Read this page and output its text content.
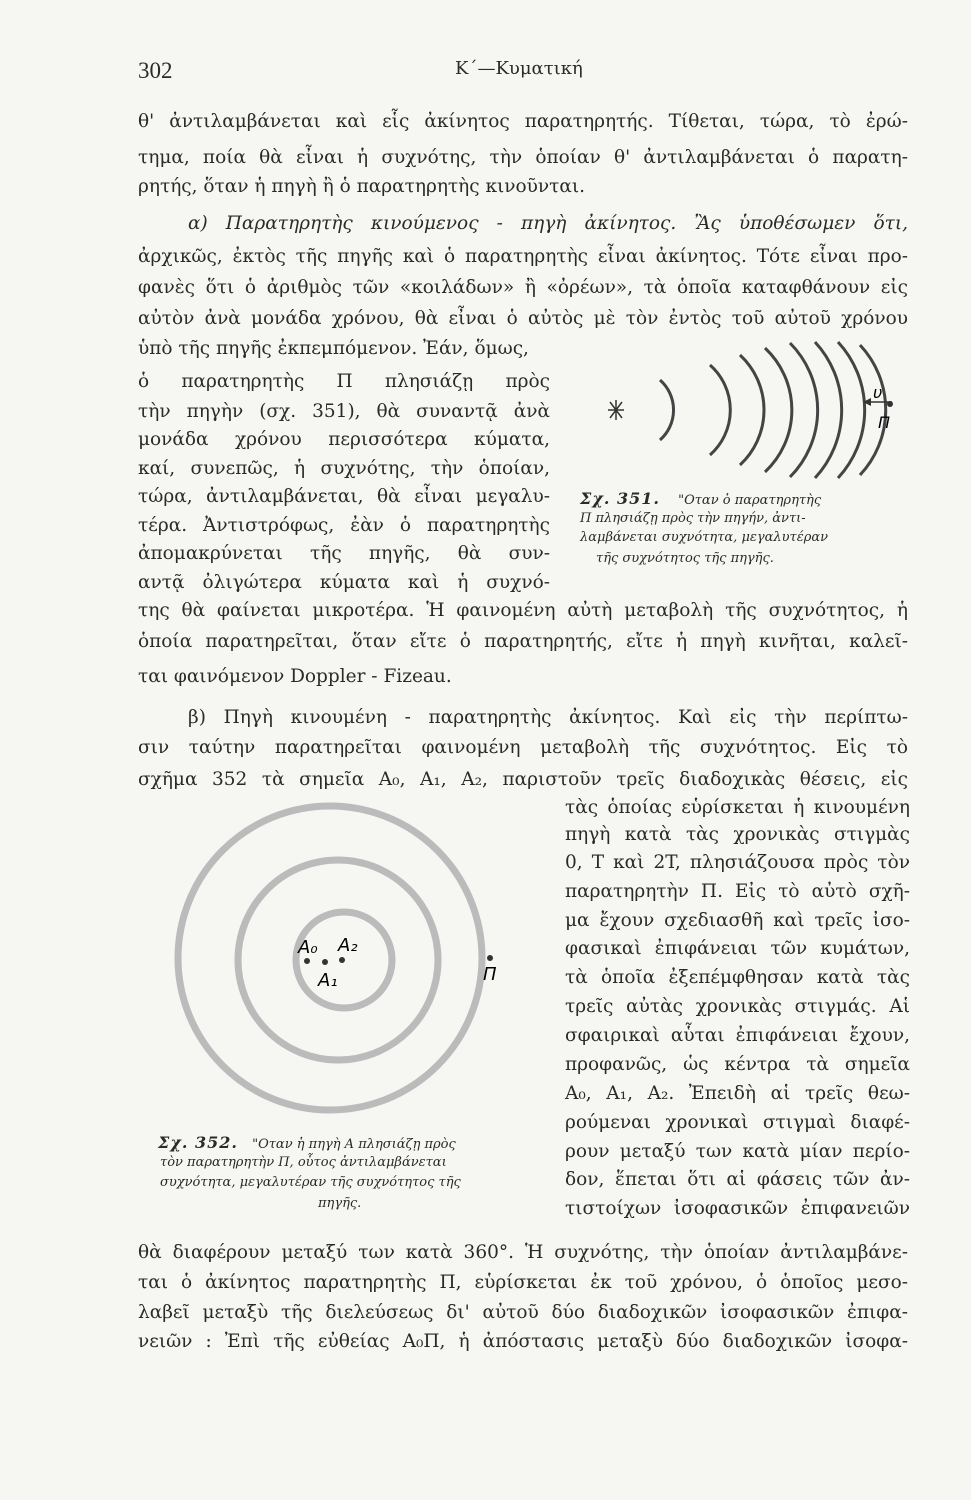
302	Κ΄—Κυματική
θ' ἀντιλαμβάνεται καὶ εἷς ἀκίνητος παρατηρητής. Τίθεται, τώρα, τὸ ἐρώ-
τημα, ποία θὰ εἶναι ἡ συχνότης, τὴν ὁποίαν θ' ἀντιλαμβάνεται ὁ παρατη-
ρητής, ὅταν ἡ πηγὴ ἢ ὁ παρατηρητὴς κινοῦνται.
α) Παρατηρητὴς κινούμενος - πηγὴ ἀκίνητος. Ἂς ὑποθέσωμεν ὅτι,
ἀρχικῶς, ἐκτὸς τῆς πηγῆς καὶ ὁ παρατηρητὴς εἶναι ἀκίνητος. Τότε εἶναι προ-
φανὲς ὅτι ὁ ἀριθμὸς τῶν «κοιλάδων» ἢ «ὀρέων», τὰ ὁποῖα καταφθάνουν εἰς
αὐτὸν ἀνὰ μονάδα χρόνου, θὰ εἶναι ὁ αὐτὸς μὲ τὸν ἐντὸς τοῦ αὐτοῦ χρόνου
ὑπὸ τῆς πηγῆς ἐκπεμπόμενον. Ἐάν, ὅμως,
ὁ παρατηρητὴς Π πλησιάζῃ πρὸς
τὴν πηγὴν (σχ. 351), θὰ συναντᾷ ἀνὰ
μονάδα χρόνου περισσότερα κύματα,
καί, συνεπῶς, ἡ συχνότης, τὴν ὁποίαν,
τώρα, ἀντιλαμβάνεται, θὰ εἶναι μεγαλυ-
τέρα. Ἀντιστρόφως, ἐὰν ὁ παρατηρητὴς
ἀπομακρύνεται τῆς πηγῆς, θὰ συν-
αντᾷ ὀλιγώτερα κύματα καὶ ἡ συχνό-
υ
Π
Σχ. 351. "Οταν ὁ παρατηρητὴς
Π πλησιάζῃ πρὸς τὴν πηγήν, ἀντι-
λαμβάνεται συχνότητα, μεγαλυτέραν
τῆς συχνότητος τῆς πηγῆς.
της θὰ φαίνεται μικροτέρα. Ἡ φαινομένη αὐτὴ μεταβολὴ τῆς συχνότητος, ἡ
ὁποία παρατηρεῖται, ὅταν εἴτε ὁ παρατηρητής, εἴτε ἡ πηγὴ κινῆται, καλεῖ-
ται φαινόμενον Doppler - Fizeau.
β) Πηγὴ κινουμένη - παρατηρητὴς ἀκίνητος. Καὶ εἰς τὴν περίπτω-
σιν ταύτην παρατηρεῖται φαινομένη μεταβολὴ τῆς συχνότητος. Εἰς τὸ
σχῆμα 352 τὰ σημεῖα A₀, A₁, A₂, παριστοῦν τρεῖς διαδοχικὰς θέσεις, εἰς
τὰς ὁποίας εὑρίσκεται ἡ κινουμένη
πηγὴ κατὰ τὰς χρονικὰς στιγμὰς
0, T καὶ 2T, πλησιάζουσα πρὸς τὸν
παρατηρητὴν Π. Εἰς τὸ αὐτὸ σχῆ-
μα ἔχουν σχεδιασθῆ καὶ τρεῖς ἰσο-
φασικαὶ ἐπιφάνειαι τῶν κυμάτων,
τὰ ὁποῖα ἐξεπέμφθησαν κατὰ τὰς
τρεῖς αὐτὰς χρονικὰς στιγμάς. Αἱ
σφαιρικαὶ αὗται ἐπιφάνειαι ἔχουν,
προφανῶς, ὡς κέντρα τὰ σημεῖα
A₀, A₁, A₂. Ἐπειδὴ αἱ τρεῖς θεω-
ρούμεναι χρονικαὶ στιγμαὶ διαφέ-
ρουν μεταξύ των κατὰ μίαν περίο-
δον, ἕπεται ὅτι αἱ φάσεις τῶν ἀν-
τιστοίχων ἰσοφασικῶν ἐπιφανειῶν
A₀ A₂
A₁	Π
Σχ. 352. "Οταν ἡ πηγὴ A πλησιάζῃ πρὸς
τὸν παρατηρητὴν Π, οὗτος ἀντιλαμβάνεται
συχνότητα, μεγαλυτέραν τῆς συχνότητος τῆς
πηγῆς.
θὰ διαφέρουν μεταξύ των κατὰ 360°. Ἡ συχνότης, τὴν ὁποίαν ἀντιλαμβάνε-
ται ὁ ἀκίνητος παρατηρητὴς Π, εὑρίσκεται ἐκ τοῦ χρόνου, ὁ ὁποῖος μεσο-
λαβεῖ μεταξὺ τῆς διελεύσεως δι' αὐτοῦ δύο διαδοχικῶν ἰσοφασικῶν ἐπιφα-
νειῶν : Ἐπὶ τῆς εὐθείας A₀Π, ἡ ἀπόστασις μεταξὺ δύο διαδοχικῶν ἰσοφα-
